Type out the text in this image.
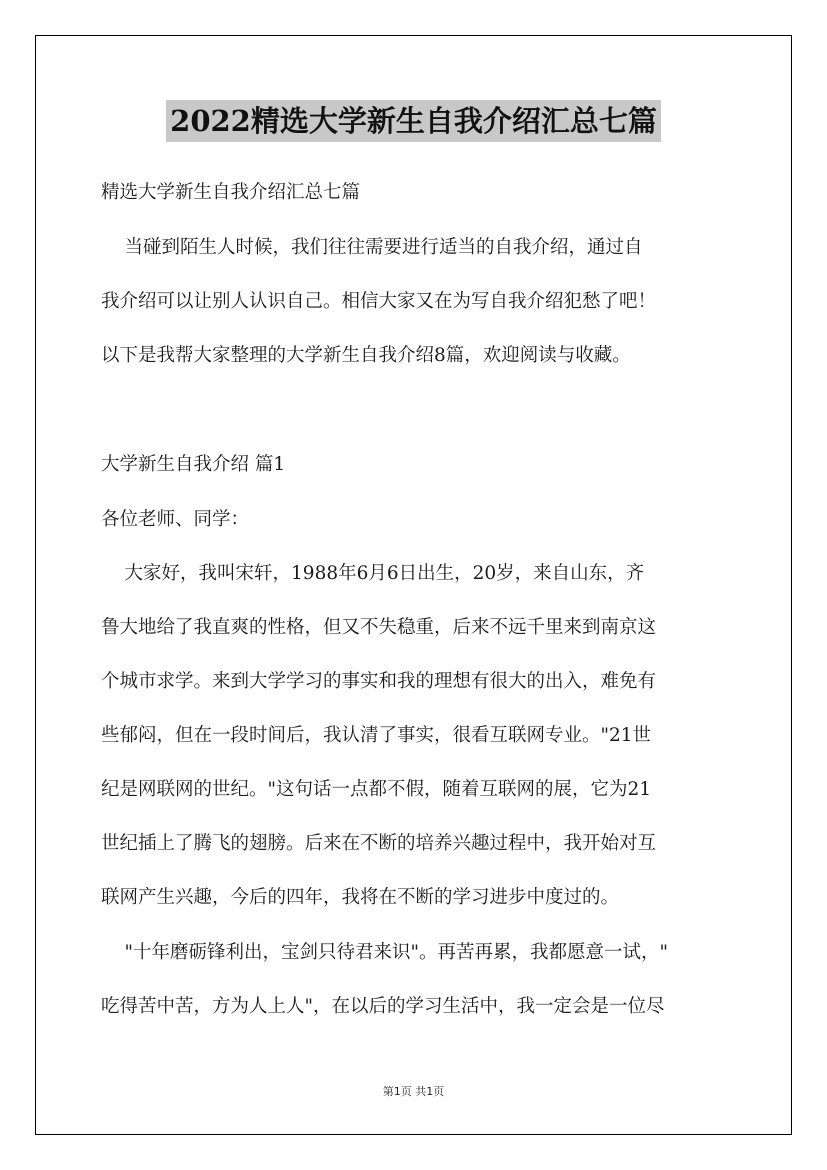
2022精选大学新生自我介绍汇总七篇
精选大学新生自我介绍汇总七篇
当碰到陌生人时候，我们往往需要进行适当的自我介绍，通过自
我介绍可以让别人认识自己。相信大家又在为写自我介绍犯愁了吧！
以下是我帮大家整理的大学新生自我介绍8篇，欢迎阅读与收藏。
大学新生自我介绍 篇1
各位老师、同学：
大家好，我叫宋轩，1988年6月6日出生，20岁，来自山东，齐
鲁大地给了我直爽的性格，但又不失稳重，后来不远千里来到南京这
个城市求学。来到大学学习的事实和我的理想有很大的出入，难免有
些郁闷，但在一段时间后，我认清了事实，很看互联网专业。"21世
纪是网联网的世纪。"这句话一点都不假，随着互联网的展，它为21
世纪插上了腾飞的翅膀。后来在不断的培养兴趣过程中，我开始对互
联网产生兴趣，今后的四年，我将在不断的学习进步中度过的。
"十年磨砺锋利出，宝剑只待君来识"。再苦再累，我都愿意一试，"
吃得苦中苦，方为人上人"，在以后的学习生活中，我一定会是一位尽
第1页 共1页
